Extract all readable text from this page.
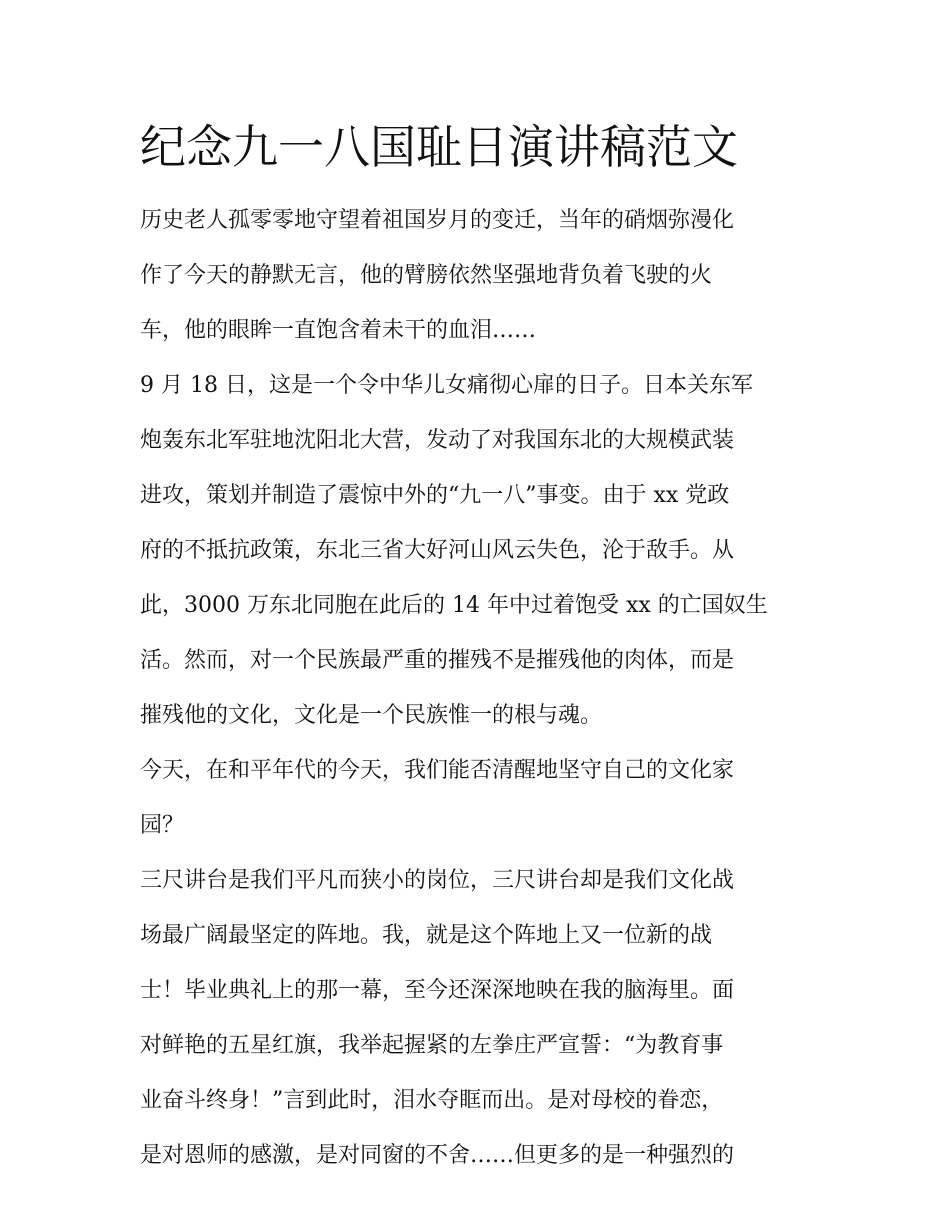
纪念九一八国耻日演讲稿范文
历史老人孤零零地守望着祖国岁月的变迁，当年的硝烟弥漫化
作了今天的静默无言，他的臂膀依然坚强地背负着飞驶的火
车，他的眼眸一直饱含着未干的血泪……
9 月 18 日，这是一个令中华儿女痛彻心扉的日子。日本关东军
炮轰东北军驻地沈阳北大营，发动了对我国东北的大规模武装
进攻，策划并制造了震惊中外的“九一八”事变。由于 xx 党政
府的不抵抗政策，东北三省大好河山风云失色，沦于敌手。从
此，3000 万东北同胞在此后的 14 年中过着饱受 xx 的亡国奴生
活。然而，对一个民族最严重的摧残不是摧残他的肉体，而是
摧残他的文化，文化是一个民族惟一的根与魂。
今天，在和平年代的今天，我们能否清醒地坚守自己的文化家
园？
三尺讲台是我们平凡而狭小的岗位，三尺讲台却是我们文化战
场最广阔最坚定的阵地。我，就是这个阵地上又一位新的战
士！毕业典礼上的那一幕，至今还深深地映在我的脑海里。面
对鲜艳的五星红旗，我举起握紧的左拳庄严宣誓：“为教育事
业奋斗终身！”言到此时，泪水夺眶而出。是对母校的眷恋，
是对恩师的感激，是对同窗的不舍……但更多的是一种强烈的
